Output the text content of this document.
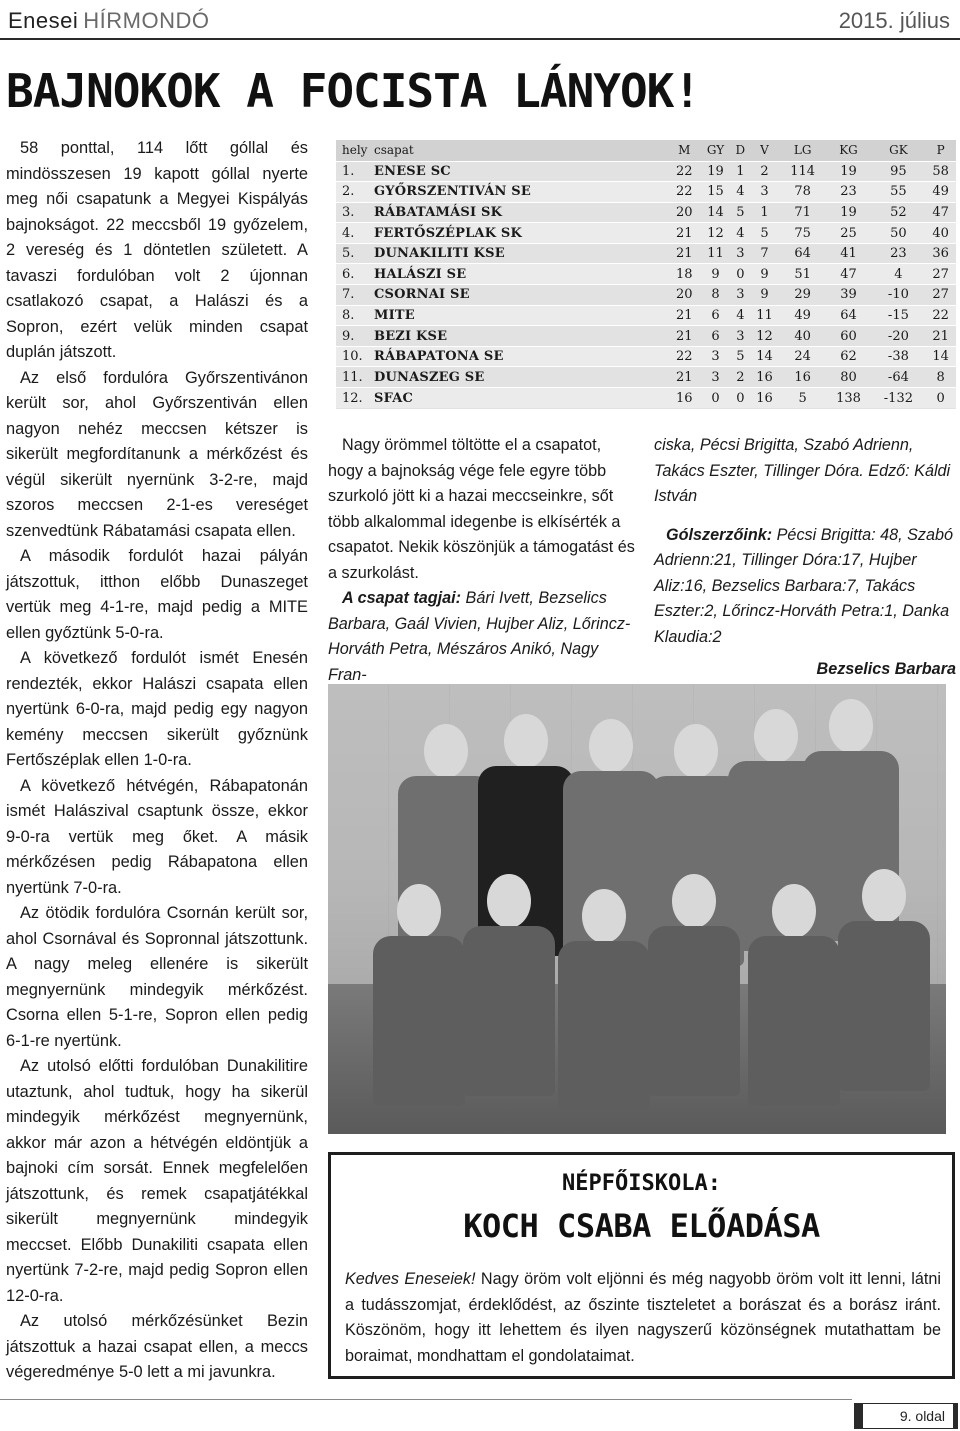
Enesei HÍRMONDÓ	2015. július
BAJNOKOK A FOCISTA LÁNYOK!

58 ponttal, 114 lőtt góllal és mindösszesen 19 kapott góllal nyerte meg női csapatunk a Megyei Kispályás bajnokságot. 22 meccsből 19 győzelem, 2 vereség és 1 döntetlen született. A tavaszi fordulóban volt 2 újonnan csatlakozó csapat, a Halászi és a Sopron, ezért velük minden csapat duplán játszott.

Az első fordulóra Győrszentivánon került sor, ahol Győrszentiván ellen nagyon nehéz meccsen kétszer is sikerült megfordítanunk a mérkőzést és végül sikerült nyernünk 3-2-re, majd szoros meccsen 2-1-es vereséget szenvedtünk Rábatamási csapata ellen.

A második fordulót hazai pályán játszottuk, itthon előbb Dunaszeget vertük meg 4-1-re, majd pedig a MITE ellen győztünk 5-0-ra.

A következő fordulót ismét Enesén rendezték, ekkor Halászi csapata ellen nyertünk 6-0-ra, majd pedig egy nagyon kemény meccsen sikerült győznünk Fertőszéplak ellen 1-0-ra.

A következő hétvégén, Rábapatonán ismét Halászival csaptunk össze, ekkor 9-0-ra vertük meg őket. A másik mérkőzésen pedig Rábapatona ellen nyertünk 7-0-ra.

Az ötödik fordulóra Csornán került sor, ahol Csornával és Sopronnal játszottunk. A nagy meleg ellenére is sikerült megnyernünk mindegyik mérkőzést. Csorna ellen 5-1-re, Sopron ellen pedig 6-1-re nyertünk.

Az utolsó előtti fordulóban Dunakilitire utaztunk, ahol tudtuk, hogy ha sikerül mindegyik mérkőzést megnyernünk, akkor már azon a hétvégén eldöntjük a bajnoki cím sorsát. Ennek megfelelően játszottunk, és remek csapatjátékkal sikerült megnyernünk mindegyik meccset. Előbb Dunakiliti csapata ellen nyertünk 7-2-re, majd pedig Sopron ellen 12-0-ra.

Az utolsó mérkőzésünket Bezin játszottuk a hazai csapat ellen, a meccs végeredménye 5-0 lett a mi javunkra.

hely	csapat	M	GY	D	V	LG	KG	GK	P
1.	ENESE SC	22	19	1	2	114	19	95	58
2.	GYŐRSZENTIVÁN SE	22	15	4	3	78	23	55	49
3.	RÁBATAMÁSI SK	20	14	5	1	71	19	52	47
4.	FERTŐSZÉPLAK SK	21	12	4	5	75	25	50	40
5.	DUNAKILITI KSE	21	11	3	7	64	41	23	36
6.	HALÁSZI SE	18	9	0	9	51	47	4	27
7.	CSORNAI SE	20	8	3	9	29	39	-10	27
8.	MITE	21	6	4	11	49	64	-15	22
9.	BEZI KSE	21	6	3	12	40	60	-20	21
10.	RÁBAPATONA SE	22	3	5	14	24	62	-38	14
11.	DUNASZEG SE	21	3	2	16	16	80	-64	8
12.	SFAC	16	0	0	16	5	138	-132	0

Nagy örömmel töltötte el a csapatot, hogy a bajnokság vége fele egyre több szurkoló jött ki a hazai meccseinkre, sőt több alkalommal idegenbe is elkísérték a csapatot. Nekik köszönjük a támogatást és a szurkolást.

A csapat tagjai: Bári Ivett, Bezselics Barbara, Gaál Vivien, Hujber Aliz, Lőrincz-Horváth Petra, Mészáros Anikó, Nagy Fran-

ciska, Pécsi Brigitta, Szabó Adrienn, Takács Eszter, Tillinger Dóra. Edző: Káldi István

Gólszerzőink: Pécsi Brigitta: 48, Szabó Adrienn:21, Tillinger Dóra:17, Hujber Aliz:16, Bezselics Barbara:7, Takács Eszter:2, Lőrincz-Horváth Petra:1, Danka Klaudia:2

Bezselics Barbara

NÉPFŐISKOLA:
KOCH CSABA ELŐADÁSA
Kedves Eneseiek! Nagy öröm volt eljönni és még nagyobb öröm volt itt lenni, látni a tudásszomjat, érdeklődést, az őszinte tiszteletet a borászat és a borász iránt. Köszönöm, hogy itt lehettem és ilyen nagyszerű közönségnek mutathattam be boraimat, mondhattam el gondolataimat.
9. oldal
